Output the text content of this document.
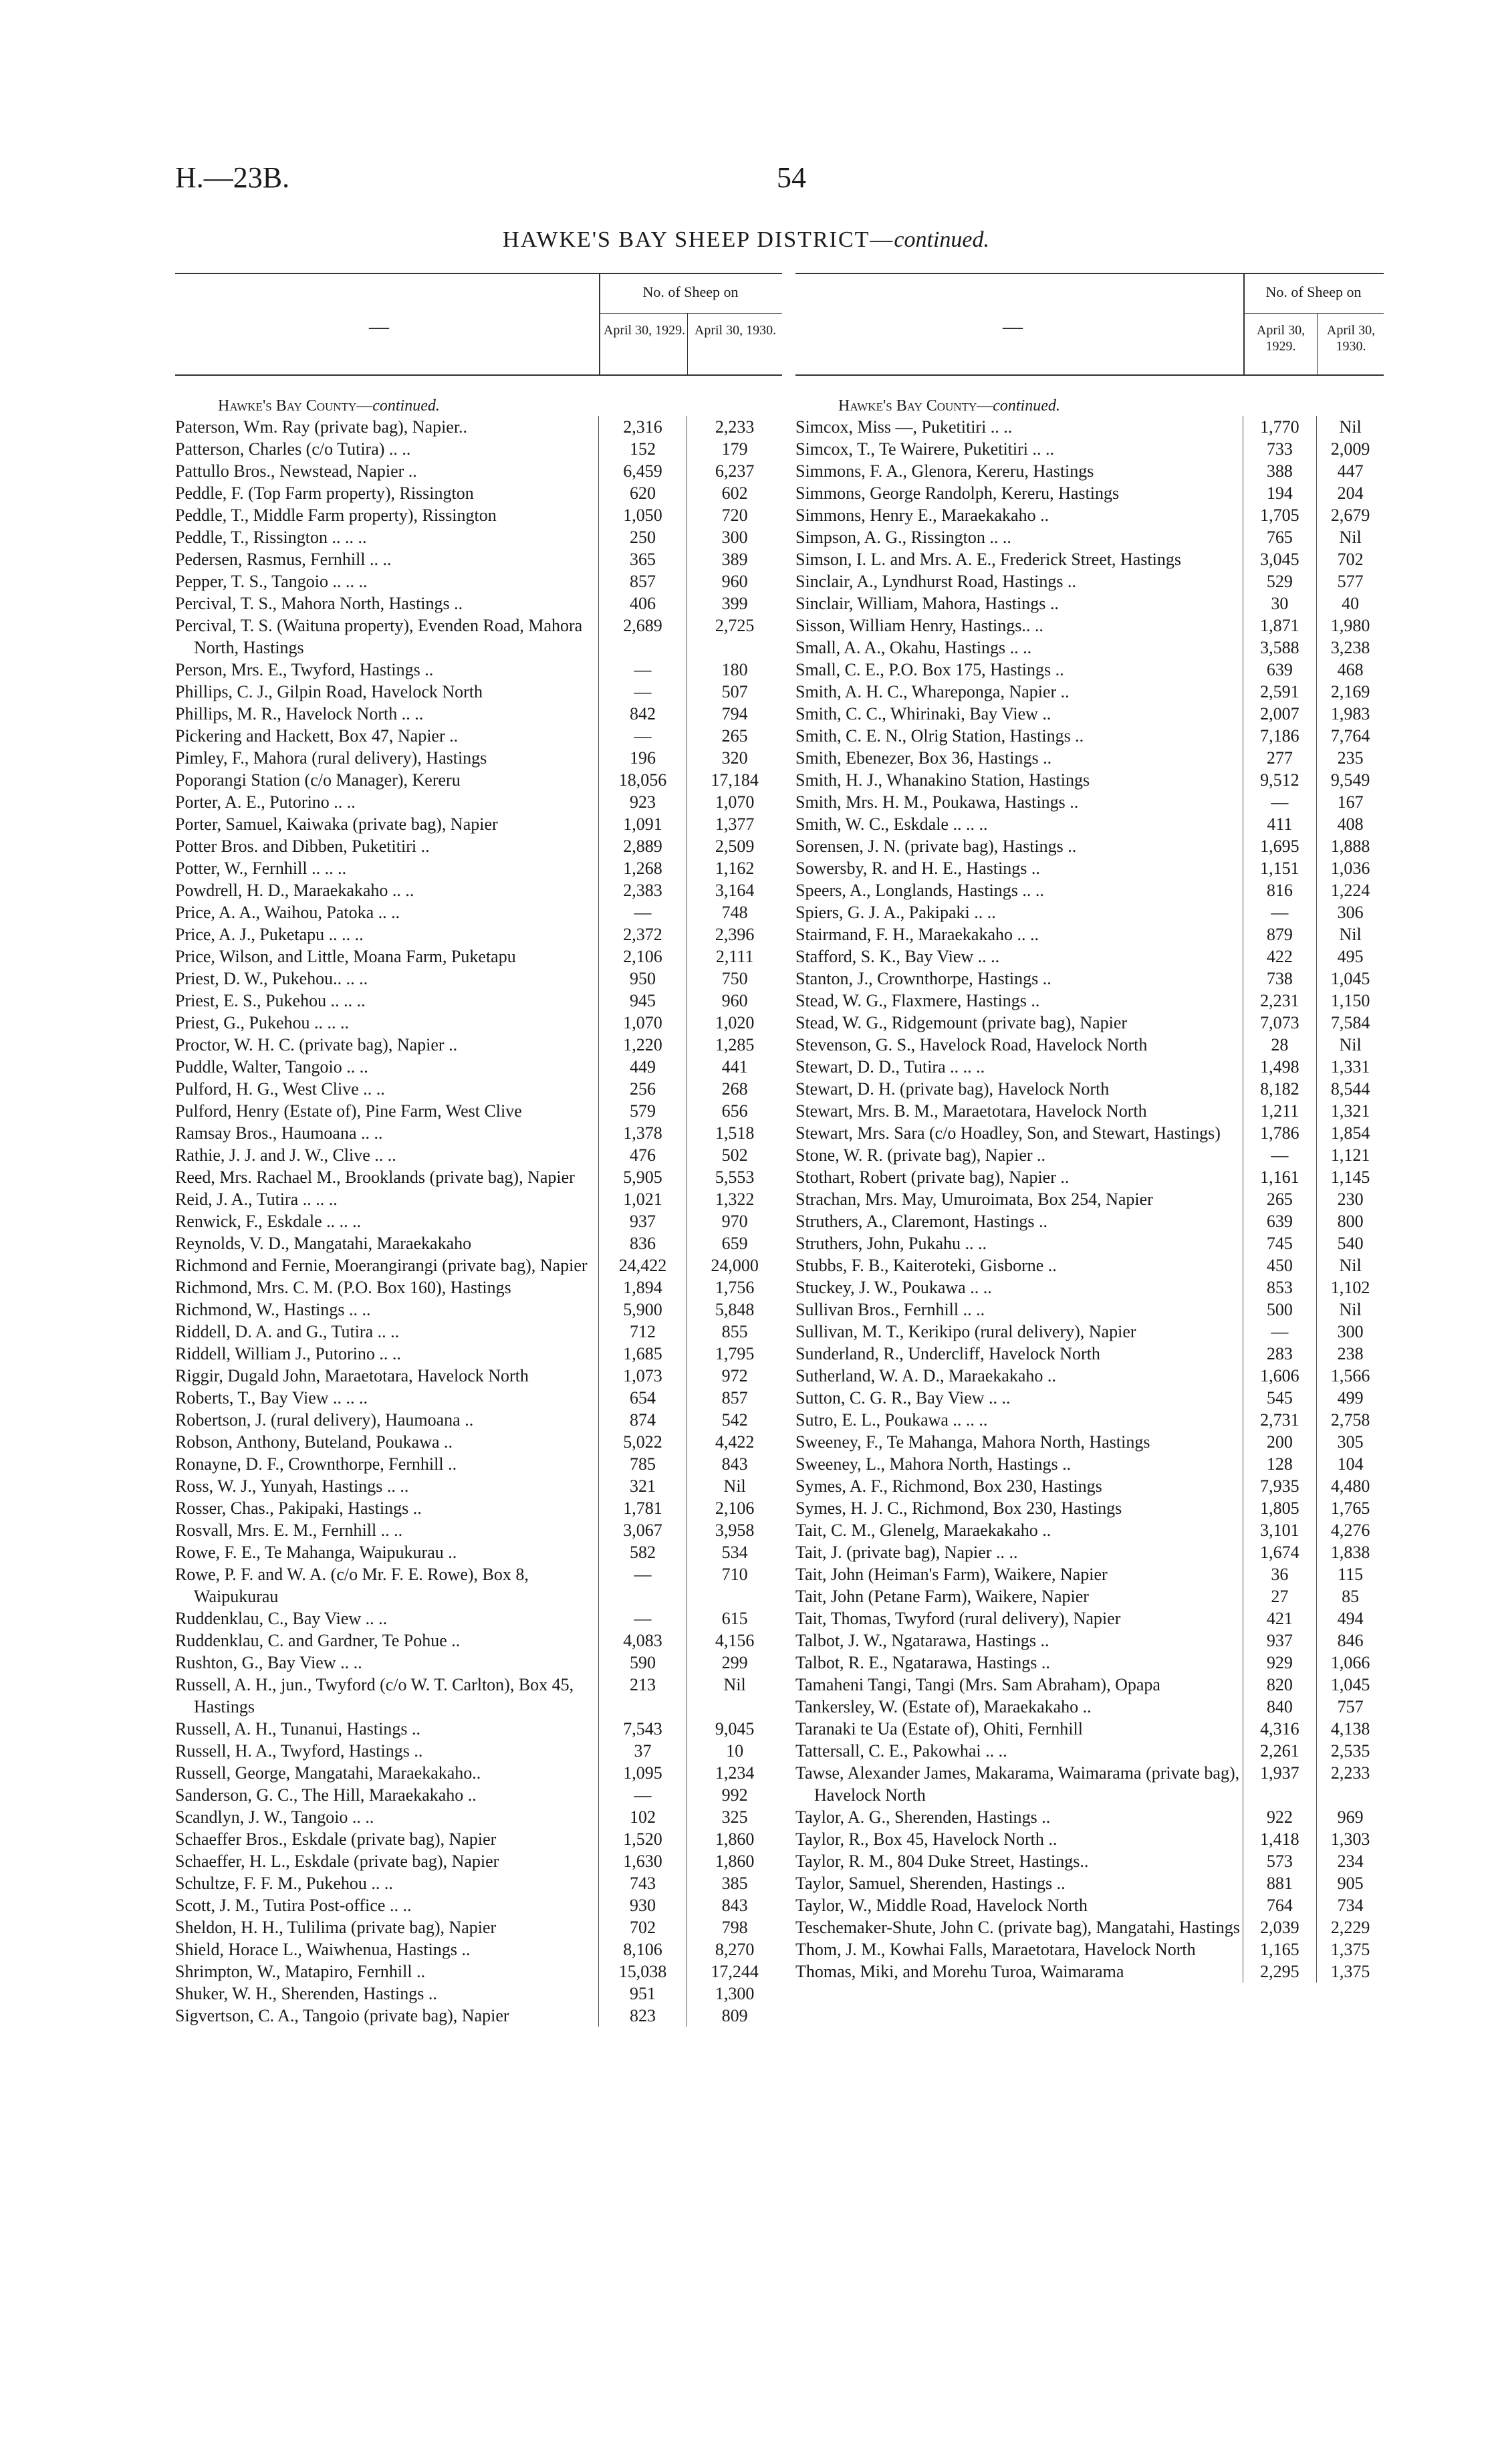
H.—23B.	54
HAWKE'S BAY SHEEP DISTRICT—continued.
—
No. of Sheep on
April 30, 1929. April 30, 1930.
Hawke's Bay County—continued.
Paterson, Wm. Ray (private bag), Napier..	2,316	2,233
Patterson, Charles (c/o Tutira) .. ..	152	179
Pattullo Bros., Newstead, Napier ..	6,459	6,237
Peddle, F. (Top Farm property), Rissington	620	602
Peddle, T., Middle Farm property), Rissington	1,050	720
Peddle, T., Rissington .. .. ..	250	300
Pedersen, Rasmus, Fernhill .. ..	365	389
Pepper, T. S., Tangoio .. .. ..	857	960
Percival, T. S., Mahora North, Hastings ..	406	399
Percival, T. S. (Waituna property), Evenden Road, Mahora North, Hastings
2,689	2,725
Person, Mrs. E., Twyford, Hastings ..	—	180
Phillips, C. J., Gilpin Road, Havelock North	—	507
Phillips, M. R., Havelock North .. ..	842	794
Pickering and Hackett, Box 47, Napier ..	—	265
Pimley, F., Mahora (rural delivery), Hastings	196	320
Poporangi Station (c/o Manager), Kereru	18,056	17,184
Porter, A. E., Putorino .. ..	923	1,070
Porter, Samuel, Kaiwaka (private bag), Napier	1,091	1,377
Potter Bros. and Dibben, Puketitiri ..	2,889	2,509
Potter, W., Fernhill .. .. ..	1,268	1,162
Powdrell, H. D., Maraekakaho .. ..	2,383	3,164
Price, A. A., Waihou, Patoka .. ..	—	748
Price, A. J., Puketapu .. .. ..	2,372	2,396
Price, Wilson, and Little, Moana Farm, Puketapu	2,106	2,111
Priest, D. W., Pukehou.. .. ..	950	750
Priest, E. S., Pukehou .. .. ..	945	960
Priest, G., Pukehou .. .. ..	1,070	1,020
Proctor, W. H. C. (private bag), Napier ..	1,220	1,285
Puddle, Walter, Tangoio .. ..	449	441
Pulford, H. G., West Clive .. ..	256	268
Pulford, Henry (Estate of), Pine Farm, West Clive	579	656
Ramsay Bros., Haumoana .. ..	1,378	1,518
Rathie, J. J. and J. W., Clive .. ..	476	502
Reed, Mrs. Rachael M., Brooklands (private bag), Napier	5,905	5,553
Reid, J. A., Tutira .. .. ..	1,021	1,322
Renwick, F., Eskdale .. .. ..	937	970
Reynolds, V. D., Mangatahi, Maraekakaho	836	659
Richmond and Fernie, Moerangirangi (private bag), Napier	24,422	24,000
Richmond, Mrs. C. M. (P.O. Box 160), Hastings	1,894	1,756
Richmond, W., Hastings .. ..	5,900	5,848
Riddell, D. A. and G., Tutira .. ..	712	855
Riddell, William J., Putorino .. ..	1,685	1,795
Riggir, Dugald John, Maraetotara, Havelock North	1,073	972
Roberts, T., Bay View .. .. ..	654	857
Robertson, J. (rural delivery), Haumoana ..	874	542
Robson, Anthony, Buteland, Poukawa ..	5,022	4,422
Ronayne, D. F., Crownthorpe, Fernhill ..	785	843
Ross, W. J., Yunyah, Hastings .. ..	321	Nil
Rosser, Chas., Pakipaki, Hastings ..	1,781	2,106
Rosvall, Mrs. E. M., Fernhill .. ..	3,067	3,958
Rowe, F. E., Te Mahanga, Waipukurau ..	582	534
Rowe, P. F. and W. A. (c/o Mr. F. E. Rowe), Box 8, Waipukurau
—	710
Ruddenklau, C., Bay View .. ..	—	615
Ruddenklau, C. and Gardner, Te Pohue ..	4,083	4,156
Rushton, G., Bay View .. ..	590	299
Russell, A. H., jun., Twyford (c/o W. T. Carlton), Box 45, Hastings
213	Nil
Russell, A. H., Tunanui, Hastings ..	7,543	9,045
Russell, H. A., Twyford, Hastings ..	37	10
Russell, George, Mangatahi, Maraekakaho..	1,095	1,234
Sanderson, G. C., The Hill, Maraekakaho ..	—	992
Scandlyn, J. W., Tangoio .. ..	102	325
Schaeffer Bros., Eskdale (private bag), Napier	1,520	1,860
Schaeffer, H. L., Eskdale (private bag), Napier	1,630	1,860
Schultze, F. F. M., Pukehou .. ..	743	385
Scott, J. M., Tutira Post-office .. ..	930	843
Sheldon, H. H., Tulilima (private bag), Napier	702	798
Shield, Horace L., Waiwhenua, Hastings ..	8,106	8,270
Shrimpton, W., Matapiro, Fernhill ..	15,038	17,244
Shuker, W. H., Sherenden, Hastings ..	951	1,300
Sigvertson, C. A., Tangoio (private bag), Napier	823	809
—
No. of Sheep on
April 30, 1929.
April 30, 1930.
Hawke's Bay County—continued.
Simcox, Miss —, Puketitiri .. ..	1,770	Nil
Simcox, T., Te Wairere, Puketitiri .. ..	733	2,009
Simmons, F. A., Glenora, Kereru, Hastings	388	447
Simmons, George Randolph, Kereru, Hastings	194	204
Simmons, Henry E., Maraekakaho ..	1,705	2,679
Simpson, A. G., Rissington .. ..	765	Nil
Simson, I. L. and Mrs. A. E., Frederick Street, Hastings	3,045	702
Sinclair, A., Lyndhurst Road, Hastings ..	529	577
Sinclair, William, Mahora, Hastings ..	30	40
Sisson, William Henry, Hastings.. ..	1,871	1,980
Small, A. A., Okahu, Hastings .. ..	3,588	3,238
Small, C. E., P.O. Box 175, Hastings ..	639	468
Smith, A. H. C., Whareponga, Napier ..	2,591	2,169
Smith, C. C., Whirinaki, Bay View ..	2,007	1,983
Smith, C. E. N., Olrig Station, Hastings ..	7,186	7,764
Smith, Ebenezer, Box 36, Hastings ..	277	235
Smith, H. J., Whanakino Station, Hastings	9,512	9,549
Smith, Mrs. H. M., Poukawa, Hastings ..	—	167
Smith, W. C., Eskdale .. .. ..	411	408
Sorensen, J. N. (private bag), Hastings ..	1,695	1,888
Sowersby, R. and H. E., Hastings ..	1,151	1,036
Speers, A., Longlands, Hastings .. ..	816	1,224
Spiers, G. J. A., Pakipaki .. ..	—	306
Stairmand, F. H., Maraekakaho .. ..	879	Nil
Stafford, S. K., Bay View .. ..	422	495
Stanton, J., Crownthorpe, Hastings ..	738	1,045
Stead, W. G., Flaxmere, Hastings ..	2,231	1,150
Stead, W. G., Ridgemount (private bag), Napier	7,073	7,584
Stevenson, G. S., Havelock Road, Havelock North	28	Nil
Stewart, D. D., Tutira .. .. ..	1,498	1,331
Stewart, D. H. (private bag), Havelock North	8,182	8,544
Stewart, Mrs. B. M., Maraetotara, Havelock North	1,211	1,321
Stewart, Mrs. Sara (c/o Hoadley, Son, and Stewart, Hastings)	1,786	1,854
Stone, W. R. (private bag), Napier ..	—	1,121
Stothart, Robert (private bag), Napier ..	1,161	1,145
Strachan, Mrs. May, Umuroimata, Box 254, Napier	265	230
Struthers, A., Claremont, Hastings ..	639	800
Struthers, John, Pukahu .. ..	745	540
Stubbs, F. B., Kaiteroteki, Gisborne ..	450	Nil
Stuckey, J. W., Poukawa .. ..	853	1,102
Sullivan Bros., Fernhill .. ..	500	Nil
Sullivan, M. T., Kerikipo (rural delivery), Napier	—	300
Sunderland, R., Undercliff, Havelock North	283	238
Sutherland, W. A. D., Maraekakaho ..	1,606	1,566
Sutton, C. G. R., Bay View .. ..	545	499
Sutro, E. L., Poukawa .. .. ..	2,731	2,758
Sweeney, F., Te Mahanga, Mahora North, Hastings	200	305
Sweeney, L., Mahora North, Hastings ..	128	104
Symes, A. F., Richmond, Box 230, Hastings	7,935	4,480
Symes, H. J. C., Richmond, Box 230, Hastings	1,805	1,765
Tait, C. M., Glenelg, Maraekakaho ..	3,101	4,276
Tait, J. (private bag), Napier .. ..	1,674	1,838
Tait, John (Heiman's Farm), Waikere, Napier	36	115
Tait, John (Petane Farm), Waikere, Napier	27	85
Tait, Thomas, Twyford (rural delivery), Napier	421	494
Talbot, J. W., Ngatarawa, Hastings ..	937	846
Talbot, R. E., Ngatarawa, Hastings ..	929	1,066
Tamaheni Tangi, Tangi (Mrs. Sam Abraham), Opapa	820	1,045
Tankersley, W. (Estate of), Maraekakaho ..	840	757
Taranaki te Ua (Estate of), Ohiti, Fernhill	4,316	4,138
Tattersall, C. E., Pakowhai .. ..	2,261	2,535
Tawse, Alexander James, Makarama, Waimarama (private bag), Havelock North
1,937	2,233
Taylor, A. G., Sherenden, Hastings ..	922	969
Taylor, R., Box 45, Havelock North ..	1,418	1,303
Taylor, R. M., 804 Duke Street, Hastings..	573	234
Taylor, Samuel, Sherenden, Hastings ..	881	905
Taylor, W., Middle Road, Havelock North	764	734
Teschemaker-Shute, John C. (private bag), Mangatahi, Hastings	2,039	2,229
Thom, J. M., Kowhai Falls, Maraetotara, Havelock North	1,165	1,375
Thomas, Miki, and Morehu Turoa, Waimarama	2,295	1,375
